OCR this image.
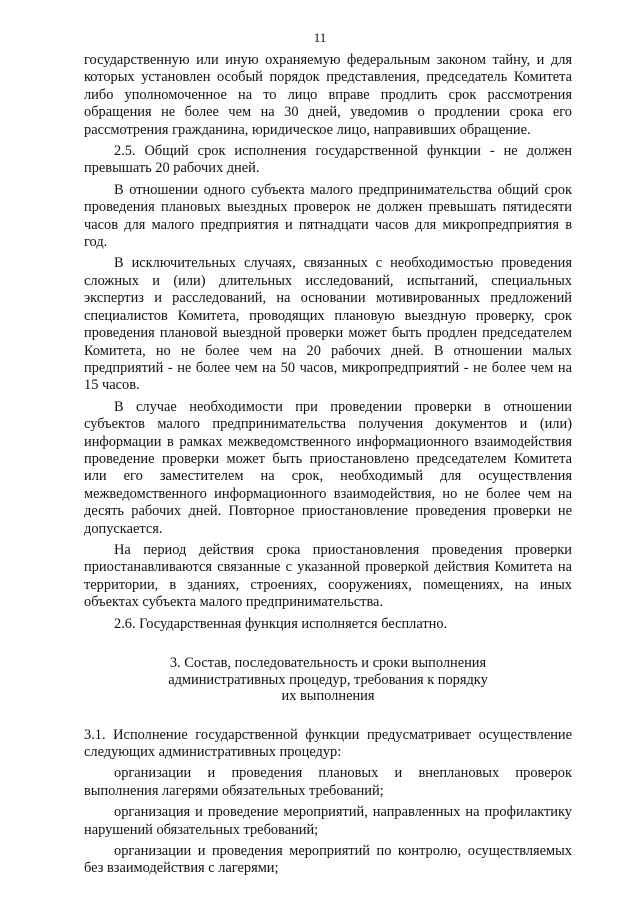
11

государственную или иную охраняемую федеральным законом тайну, и для которых установлен особый порядок представления, председатель Комитета либо уполномоченное на то лицо вправе продлить срок рассмотрения обращения не более чем на 30 дней, уведомив о продлении срока его рассмотрения гражданина, юридическое лицо, направивших обращение.

2.5. Общий срок исполнения государственной функции - не должен превышать 20 рабочих дней.

В отношении одного субъекта малого предпринимательства общий срок проведения плановых выездных проверок не должен превышать пятидесяти часов для малого предприятия и пятнадцати часов для микропредприятия в год.

В исключительных случаях, связанных с необходимостью проведения сложных и (или) длительных исследований, испытаний, специальных экспертиз и расследований, на основании мотивированных предложений специалистов Комитета, проводящих плановую выездную проверку, срок проведения плановой выездной проверки может быть продлен председателем Комитета, но не более чем на 20 рабочих дней. В отношении малых предприятий - не более чем на 50 часов, микропредприятий - не более чем на 15 часов.

В случае необходимости при проведении проверки в отношении субъектов малого предпринимательства получения документов и (или) информации в рамках межведомственного информационного взаимодействия проведение проверки может быть приостановлено председателем Комитета или его заместителем на срок, необходимый для осуществления межведомственного информационного взаимодействия, но не более чем на десять рабочих дней. Повторное приостановление проведения проверки не допускается.

На период действия срока приостановления проведения проверки приостанавливаются связанные с указанной проверкой действия Комитета на территории, в зданиях, строениях, сооружениях, помещениях, на иных объектах субъекта малого предпринимательства.

2.6. Государственная функция исполняется бесплатно.

3. Состав, последовательность и сроки выполнения
административных процедур, требования к порядку
их выполнения

3.1. Исполнение государственной функции предусматривает осуществление следующих административных процедур:

организации и проведения плановых и внеплановых проверок выполнения лагерями обязательных требований;

организация и проведение мероприятий, направленных на профилактику нарушений обязательных требований;

организации и проведения мероприятий по контролю, осуществляемых без взаимодействия с лагерями;
